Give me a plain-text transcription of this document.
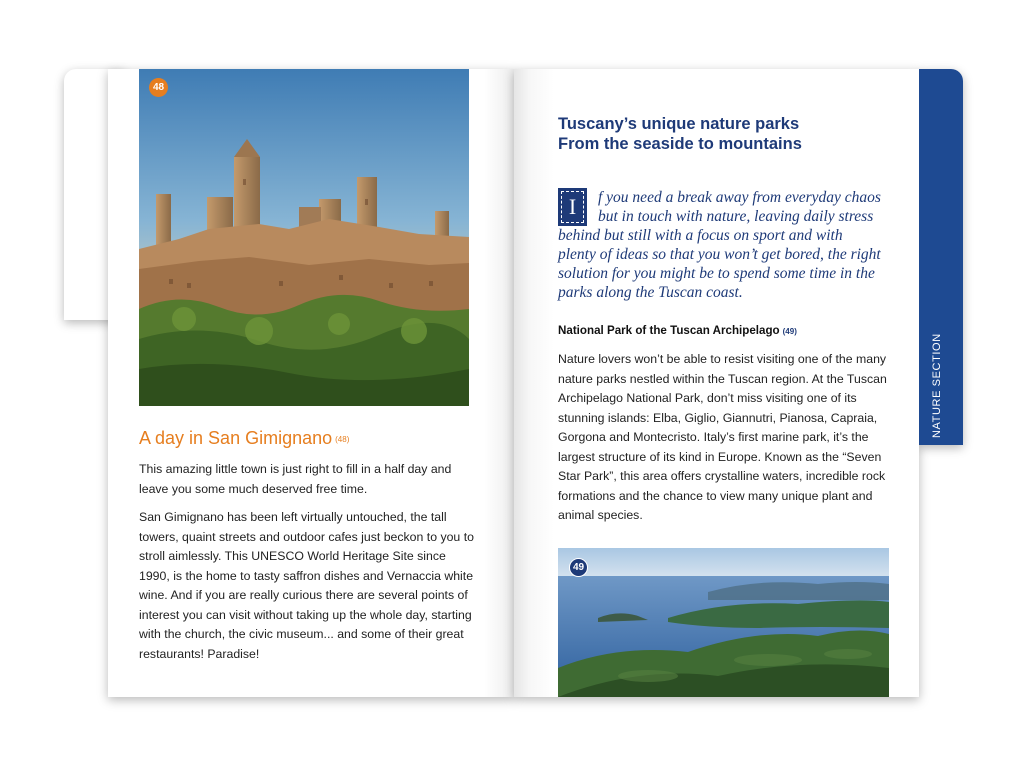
NATURE SECTION
48
A day in San Gimignano (48)
This amazing little town is just right to fill in a half day and leave you some much deserved free time.
San Gimignano has been left virtually untouched, the tall towers, quaint streets and outdoor cafes just beckon to you to stroll aimlessly. This UNESCO World Heritage Site since 1990, is the home to tasty saffron dishes and Vernaccia white wine. And if you are really curious there are several points of interest you can visit without taking up the whole day, starting with the church, the civic museum... and some of their great restaurants! Paradise!
Tuscany’s unique nature parks
From the seaside to mountains
I	f you need a break away from everyday chaos
but in touch with nature, leaving daily stress
behind but still with a focus on sport and with
plenty of ideas so that you won’t get bored, the right
solution for you might be to spend some time in the
parks along the Tuscan coast.
National Park of the Tuscan Archipelago (49)
Nature lovers won’t be able to resist visiting one of the many nature parks nestled within the Tuscan region. At the Tuscan Archipelago National Park, don’t miss visiting one of its stunning islands: Elba, Giglio, Giannutri, Pianosa, Capraia, Gorgona and Montecristo. Italy’s first marine park, it’s the largest structure of its kind in Europe. Known as the “Seven Star Park”, this area offers crystalline waters, incredible rock formations and the chance to view many unique plant and animal species.
49
